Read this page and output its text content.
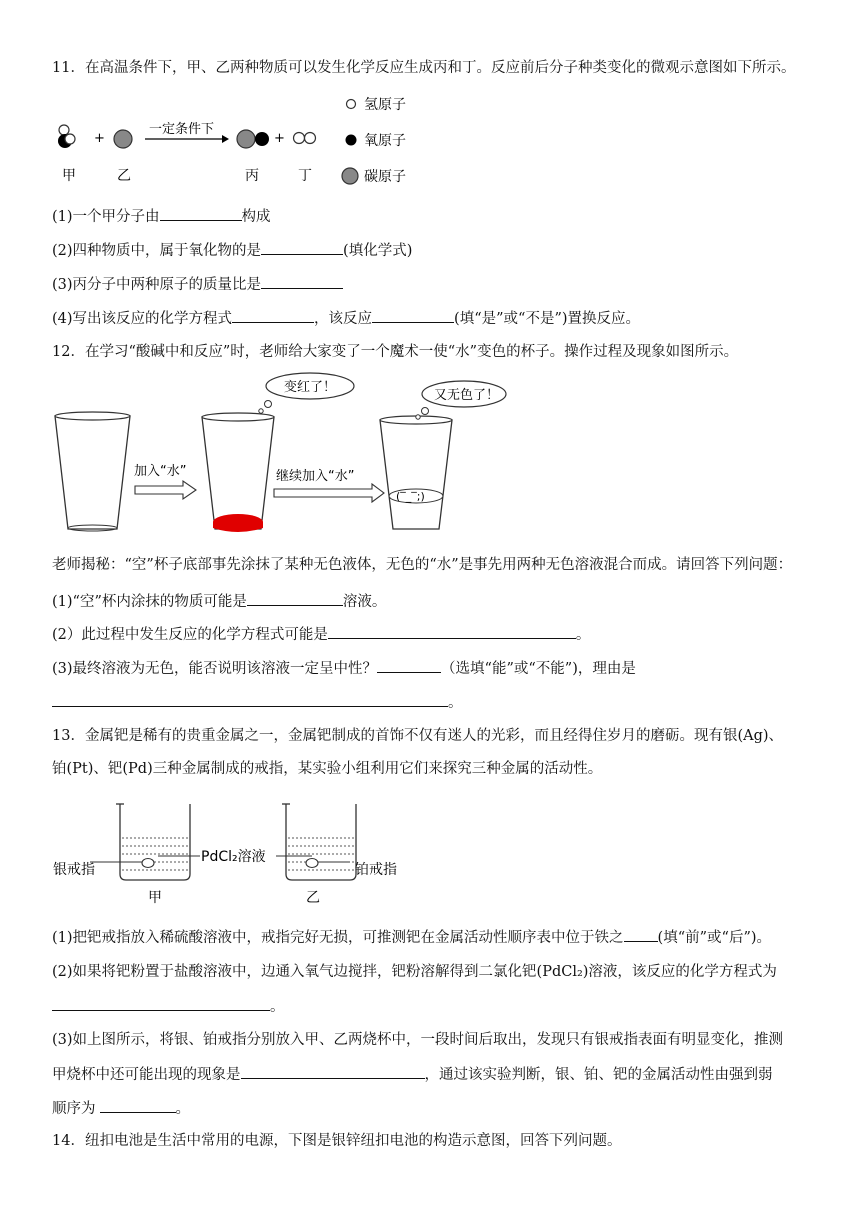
11．在高温条件下，甲、乙两种物质可以发生化学反应生成丙和丁。反应前后分子种类变化的微观示意图如下所示。
+
一定条件下
+
甲	乙	丙	丁
氢原子
氧原子
碳原子
(1)一个甲分子由	构成
(2)四种物质中，属于氧化物的是	(填化学式)
(3)丙分子中两种原子的质量比是
(4)写出该反应的化学方程式	，该反应	(填“是”或“不是”)置换反应。
12．在学习“酸碱中和反应”时，老师给大家变了一个魔术一使“水”变色的杯子。操作过程及现象如图所示。
加入“水”
变红了！
继续加入“水”
(‾_‾;)
又无色了！
老师揭秘：“空”杯子底部事先涂抹了某种无色液体，无色的“水”是事先用两种无色溶液混合而成。请回答下列问题：
(1)“空”杯内涂抹的物质可能是	溶液。
(2）此过程中发生反应的化学方程式可能是	。
(3)最终溶液为无色，能否说明该溶液一定呈中性？	（选填“能”或“不能”)，理由是
。
13．金属钯是稀有的贵重金属之一，金属钯制成的首饰不仅有迷人的光彩，而且经得住岁月的磨砺。现有银(Ag)、
铂(Pt)、钯(Pd)三种金属制成的戒指，某实验小组利用它们来探究三种金属的活动性。
银戒指
甲
PdCl₂溶液
铂戒指
乙
(1)把钯戒指放入稀硫酸溶液中，戒指完好无损，可推测钯在金属活动性顺序表中位于铁之 (填“前”或“后”)。
(2)如果将钯粉置于盐酸溶液中，边通入氧气边搅拌，钯粉溶解得到二氯化钯(PdCl₂)溶液，该反应的化学方程式为
。
(3)如上图所示，将银、铂戒指分别放入甲、乙两烧杯中，一段时间后取出，发现只有银戒指表面有明显变化，推测
甲烧杯中还可能出现的现象是	，通过该实验判断，银、铂、钯的金属活动性由强到弱
顺序为	。
14．纽扣电池是生活中常用的电源，下图是银锌纽扣电池的构造示意图，回答下列问题。
